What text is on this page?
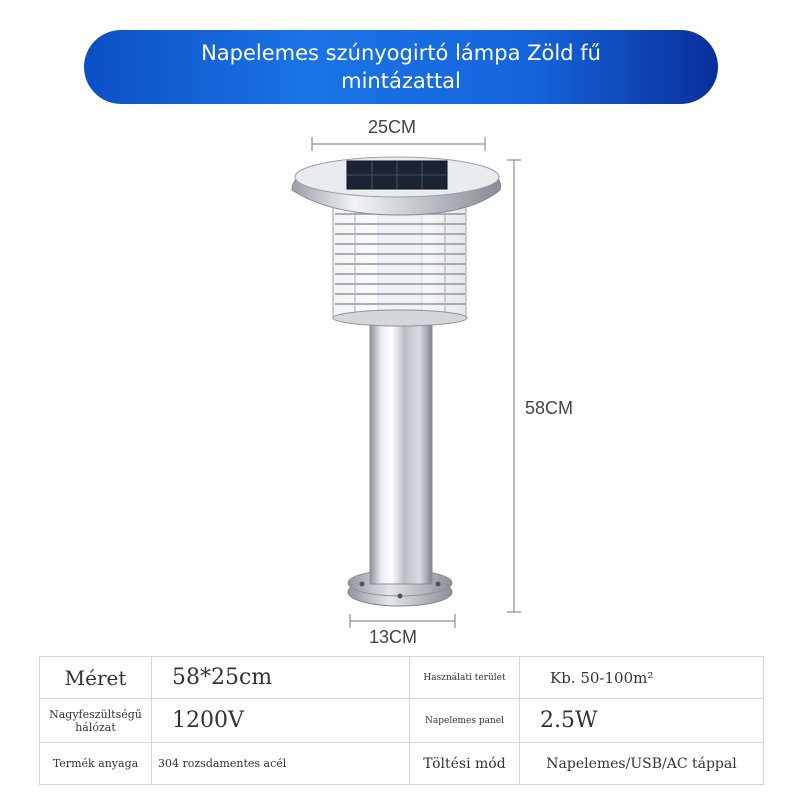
Napelemes szúnyogirtó lámpa Zöld fű mintázattal
25CM
58CM
13CM
Méret	58*25cm	Használati terület	Kb. 50-100m²
Nagyfeszültségű hálózat	1200V	Napelemes panel	2.5W
Termék anyaga	304 rozsdamentes acél	Töltési mód	Napelemes/USB/AC táppal
